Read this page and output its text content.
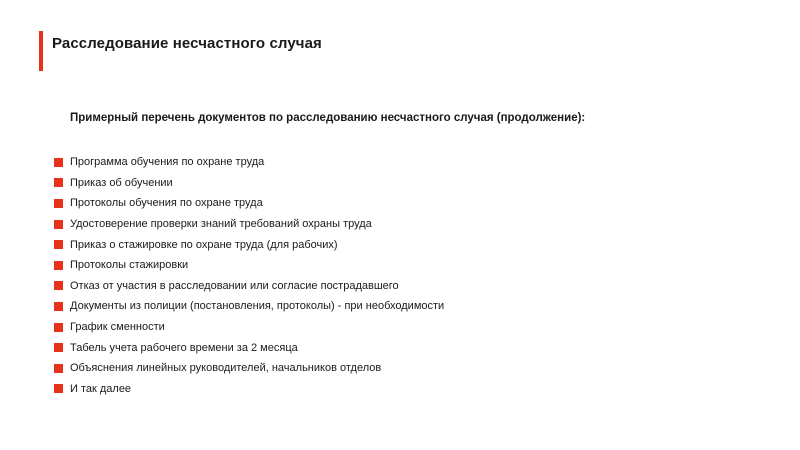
Расследование несчастного случая
Примерный перечень документов по расследованию несчастного случая (продолжение):
Программа обучения по охране труда
Приказ об обучении
Протоколы обучения по охране труда
Удостоверение проверки знаний требований охраны труда
Приказ о стажировке по охране труда (для рабочих)
Протоколы стажировки
Отказ от участия в расследовании или согласие пострадавшего
Документы из полиции (постановления, протоколы) - при необходимости
График сменности
Табель учета рабочего времени за 2 месяца
Объяснения линейных руководителей, начальников отделов
И так далее
